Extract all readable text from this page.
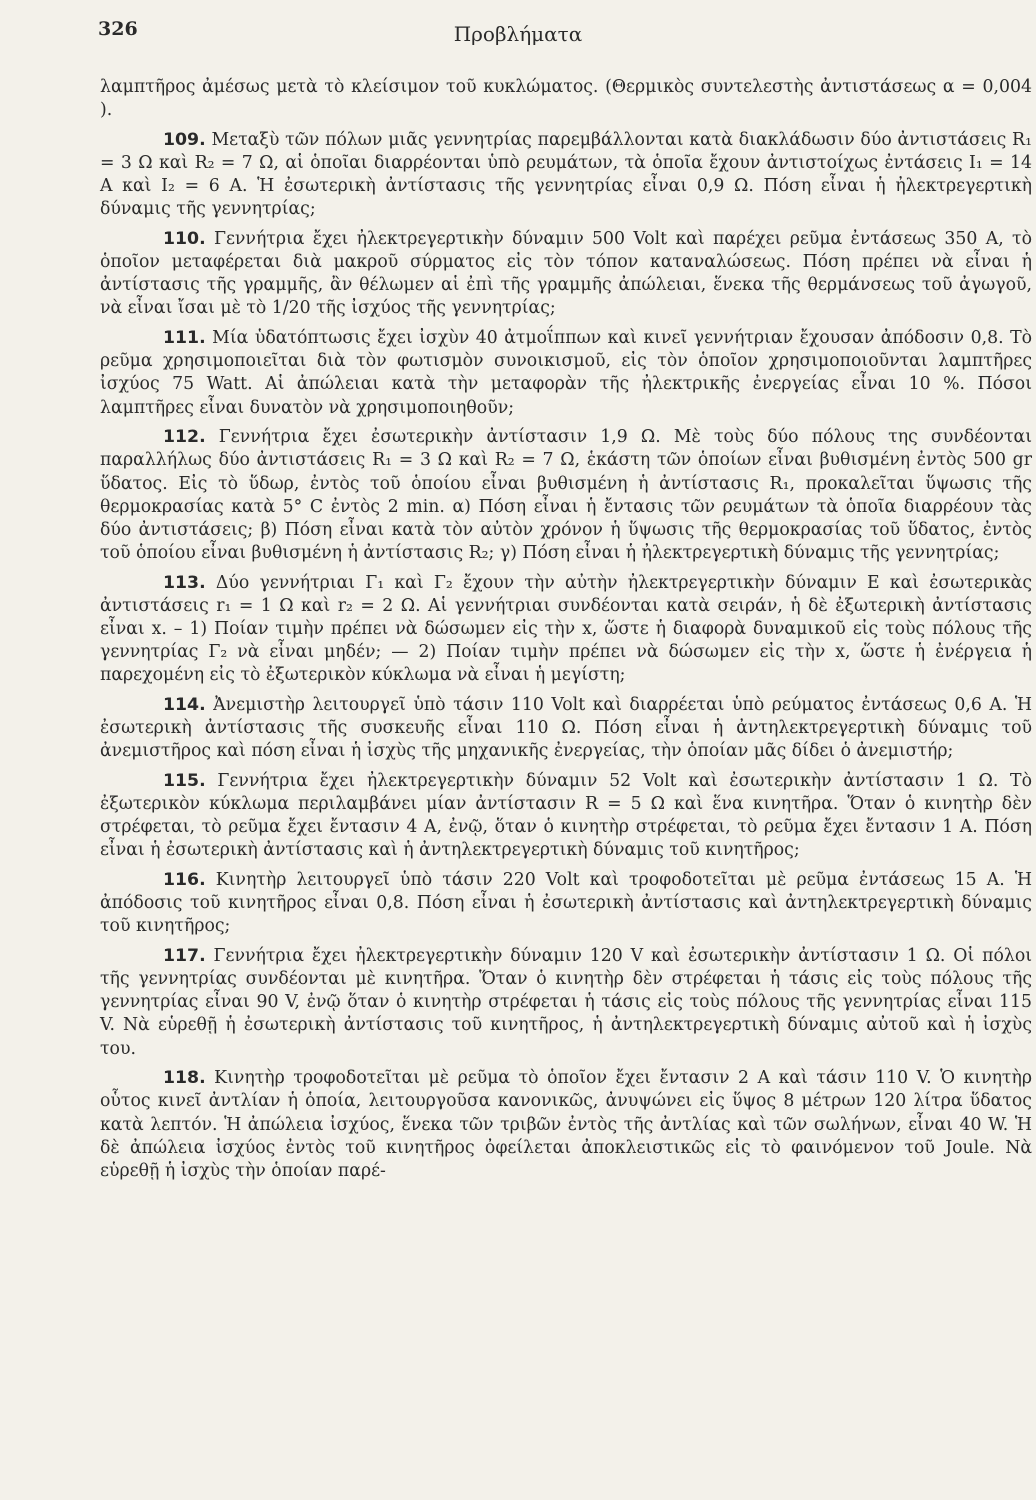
326	Προβλήματα

λαμπτῆρος ἀμέσως μετὰ τὸ κλείσιμον τοῦ κυκλώματος. (Θερμικὸς συντελεστὴς ἀντιστάσεως α = 0,004 ).

109. Μεταξὺ τῶν πόλων μιᾶς γεννητρίας παρεμβάλλονται κατὰ διακλάδωσιν δύο ἀντιστάσεις R₁ = 3 Ω καὶ R₂ = 7 Ω, αἱ ὁποῖαι διαρρέονται ὑπὸ ρευμάτων, τὰ ὁποῖα ἔχουν ἀντιστοίχως ἐντάσεις I₁ = 14 A καὶ I₂ = 6 A. Ἡ ἐσωτερικὴ ἀντίστασις τῆς γεννητρίας εἶναι 0,9 Ω. Πόση εἶναι ἡ ἠλεκτρεγερτικὴ δύναμις τῆς γεννητρίας;

110. Γεννήτρια ἔχει ἠλεκτρεγερτικὴν δύναμιν 500 Volt καὶ παρέχει ρεῦμα ἐντάσεως 350 A, τὸ ὁποῖον μεταφέρεται διὰ μακροῦ σύρματος εἰς τὸν τόπον καταναλώσεως. Πόση πρέπει νὰ εἶναι ἡ ἀντίστασις τῆς γραμμῆς, ἂν θέλωμεν αἱ ἐπὶ τῆς γραμμῆς ἀπώλειαι, ἕνεκα τῆς θερμάνσεως τοῦ ἀγωγοῦ, νὰ εἶναι ἴσαι μὲ τὸ 1/20 τῆς ἰσχύος τῆς γεννητρίας;

111. Μία ὑδατόπτωσις ἔχει ἰσχὺν 40 ἀτμοΐππων καὶ κινεῖ γεννήτριαν ἔχουσαν ἀπόδοσιν 0,8. Τὸ ρεῦμα χρησιμοποιεῖται διὰ τὸν φωτισμὸν συνοικισμοῦ, εἰς τὸν ὁποῖον χρησιμοποιοῦνται λαμπτῆρες ἰσχύος 75 Watt. Αἱ ἀπώλειαι κατὰ τὴν μεταφορὰν τῆς ἠλεκτρικῆς ἐνεργείας εἶναι 10 %. Πόσοι λαμπτῆρες εἶναι δυνατὸν νὰ χρησιμοποιηθοῦν;

112. Γεννήτρια ἔχει ἐσωτερικὴν ἀντίστασιν 1,9 Ω. Μὲ τοὺς δύο πόλους της συνδέονται παραλλήλως δύο ἀντιστάσεις R₁ = 3 Ω καὶ R₂ = 7 Ω, ἑκάστη τῶν ὁποίων εἶναι βυθισμένη ἐντὸς 500 gr ὕδατος. Εἰς τὸ ὕδωρ, ἐντὸς τοῦ ὁποίου εἶναι βυθισμένη ἡ ἀντίστασις R₁, προκαλεῖται ὕψωσις τῆς θερμοκρασίας κατὰ 5° C ἐντὸς 2 min. α) Πόση εἶναι ἡ ἔντασις τῶν ρευμάτων τὰ ὁποῖα διαρρέουν τὰς δύο ἀντιστάσεις; β) Πόση εἶναι κατὰ τὸν αὐτὸν χρόνον ἡ ὕψωσις τῆς θερμοκρασίας τοῦ ὕδατος, ἐντὸς τοῦ ὁποίου εἶναι βυθισμένη ἡ ἀντίστασις R₂; γ) Πόση εἶναι ἡ ἠλεκτρεγερτικὴ δύναμις τῆς γεννητρίας;

113. Δύο γεννήτριαι Γ₁ καὶ Γ₂ ἔχουν τὴν αὐτὴν ἠλεκτρεγερτικὴν δύναμιν E καὶ ἐσωτερικὰς ἀντιστάσεις r₁ = 1 Ω καὶ r₂ = 2 Ω. Αἱ γεννήτριαι συνδέονται κατὰ σειράν, ἡ δὲ ἐξωτερικὴ ἀντίστασις εἶναι x. – 1) Ποίαν τιμὴν πρέπει νὰ δώσωμεν εἰς τὴν x, ὥστε ἡ διαφορὰ δυναμικοῦ εἰς τοὺς πόλους τῆς γεννητρίας Γ₂ νὰ εἶναι μηδέν; — 2) Ποίαν τιμὴν πρέπει νὰ δώσωμεν εἰς τὴν x, ὥστε ἡ ἐνέργεια ἡ παρεχομένη εἰς τὸ ἐξωτερικὸν κύκλωμα νὰ εἶναι ἡ μεγίστη;

114. Ἀνεμιστὴρ λειτουργεῖ ὑπὸ τάσιν 110 Volt καὶ διαρρέεται ὑπὸ ρεύματος ἐντάσεως 0,6 A. Ἡ ἐσωτερικὴ ἀντίστασις τῆς συσκευῆς εἶναι 110 Ω. Πόση εἶναι ἡ ἀντηλεκτρεγερτικὴ δύναμις τοῦ ἀνεμιστῆρος καὶ πόση εἶναι ἡ ἰσχὺς τῆς μηχανικῆς ἐνεργείας, τὴν ὁποίαν μᾶς δίδει ὁ ἀνεμιστήρ;

115. Γεννήτρια ἔχει ἠλεκτρεγερτικὴν δύναμιν 52 Volt καὶ ἐσωτερικὴν ἀντίστασιν 1 Ω. Τὸ ἐξωτερικὸν κύκλωμα περιλαμβάνει μίαν ἀντίστασιν R = 5 Ω καὶ ἕνα κινητῆρα. Ὅταν ὁ κινητὴρ δὲν στρέφεται, τὸ ρεῦμα ἔχει ἔντασιν 4 A, ἐνῷ, ὅταν ὁ κινητὴρ στρέφεται, τὸ ρεῦμα ἔχει ἔντασιν 1 A. Πόση εἶναι ἡ ἐσωτερικὴ ἀντίστασις καὶ ἡ ἀντηλεκτρεγερτικὴ δύναμις τοῦ κινητῆρος;

116. Κινητὴρ λειτουργεῖ ὑπὸ τάσιν 220 Volt καὶ τροφοδοτεῖται μὲ ρεῦμα ἐντάσεως 15 A. Ἡ ἀπόδοσις τοῦ κινητῆρος εἶναι 0,8. Πόση εἶναι ἡ ἐσωτερικὴ ἀντίστασις καὶ ἀντηλεκτρεγερτικὴ δύναμις τοῦ κινητῆρος;

117. Γεννήτρια ἔχει ἠλεκτρεγερτικὴν δύναμιν 120 V καὶ ἐσωτερικὴν ἀντίστασιν 1 Ω. Οἱ πόλοι τῆς γεννητρίας συνδέονται μὲ κινητῆρα. Ὅταν ὁ κινητὴρ δὲν στρέφεται ἡ τάσις εἰς τοὺς πόλους τῆς γεννητρίας εἶναι 90 V, ἐνῷ ὅταν ὁ κινητὴρ στρέφεται ἡ τάσις εἰς τοὺς πόλους τῆς γεννητρίας εἶναι 115 V. Νὰ εὑρεθῇ ἡ ἐσωτερικὴ ἀντίστασις τοῦ κινητῆρος, ἡ ἀντηλεκτρεγερτικὴ δύναμις αὐτοῦ καὶ ἡ ἰσχὺς του.

118. Κινητὴρ τροφοδοτεῖται μὲ ρεῦμα τὸ ὁποῖον ἔχει ἔντασιν 2 A καὶ τάσιν 110 V. Ὁ κινητὴρ οὗτος κινεῖ ἀντλίαν ἡ ὁποία, λειτουργοῦσα κανονικῶς, ἀνυψώνει εἰς ὕψος 8 μέτρων 120 λίτρα ὕδατος κατὰ λεπτόν. Ἡ ἀπώλεια ἰσχύος, ἕνεκα τῶν τριβῶν ἐντὸς τῆς ἀντλίας καὶ τῶν σωλήνων, εἶναι 40 W. Ἡ δὲ ἀπώλεια ἰσχύος ἐντὸς τοῦ κινητῆρος ὀφείλεται ἀποκλειστικῶς εἰς τὸ φαινόμενον τοῦ Joule. Νὰ εὑρεθῇ ἡ ἰσχὺς τὴν ὁποίαν παρέ-
